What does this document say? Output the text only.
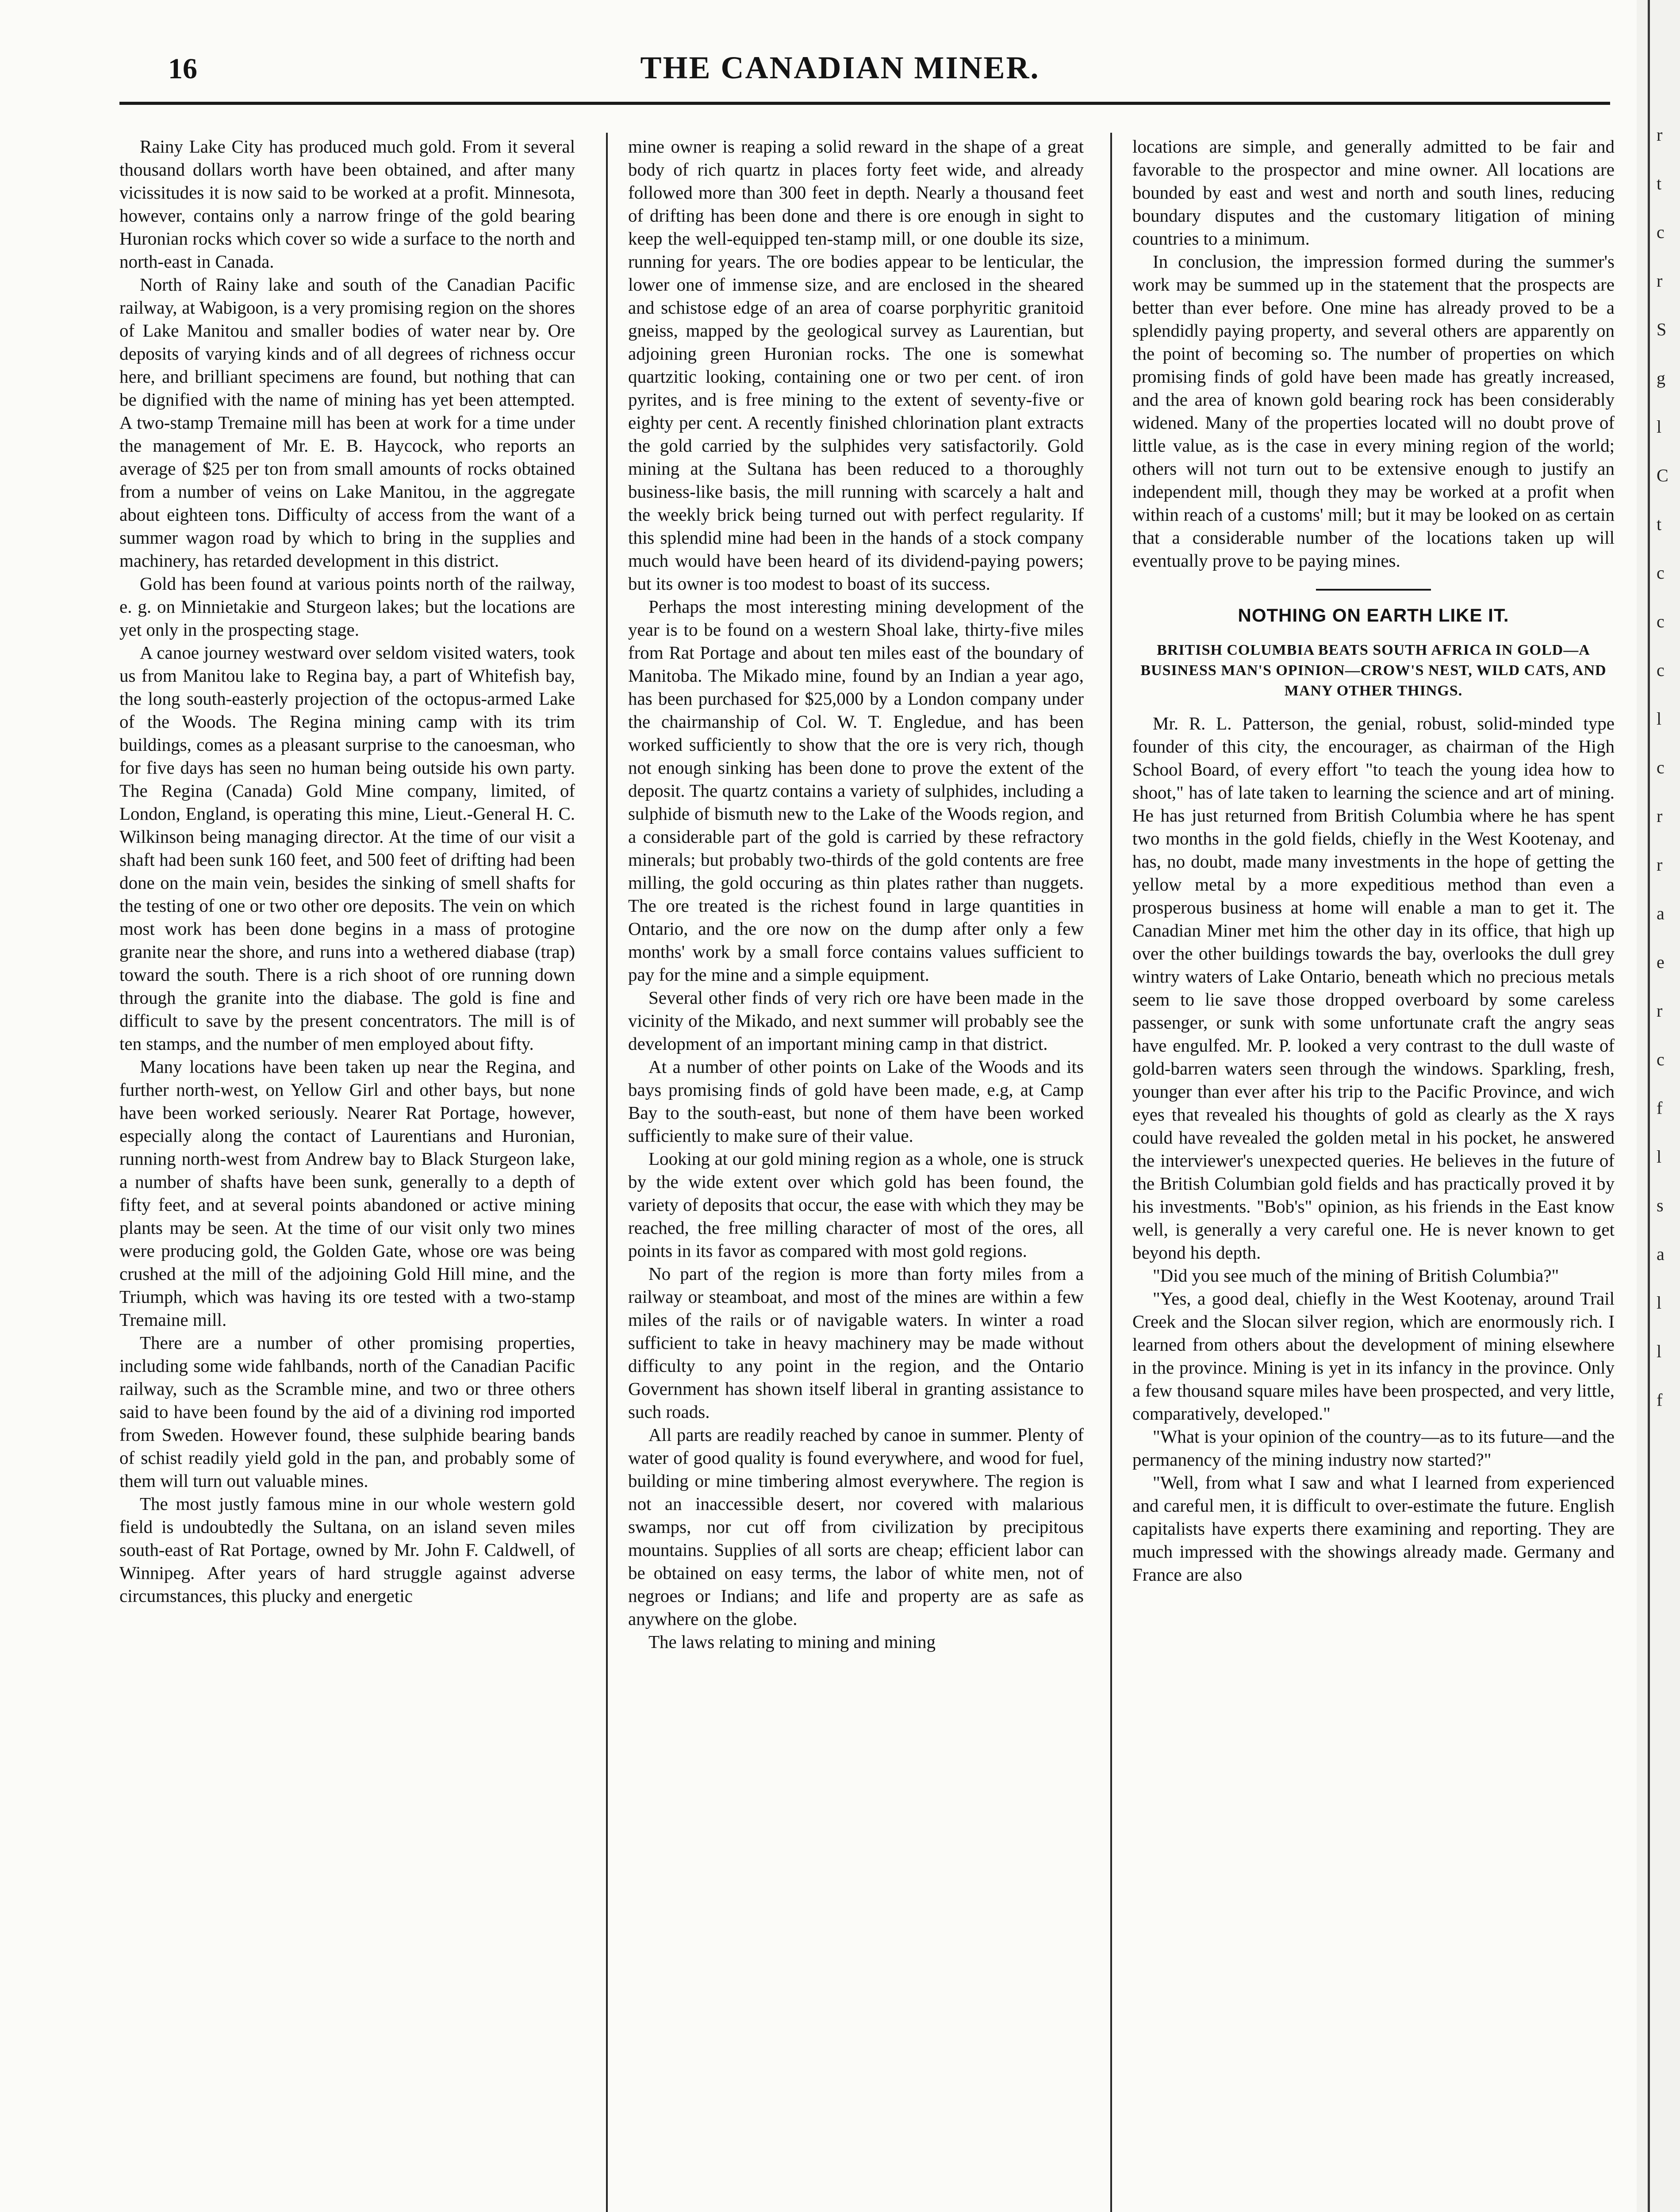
16	THE CANADIAN MINER.

Rainy Lake City has produced much gold. From it several thousand dollars worth have been obtained, and after many vicissitudes it is now said to be worked at a profit. Minnesota, however, contains only a narrow fringe of the gold bearing Huronian rocks which cover so wide a surface to the north and north-east in Canada.

North of Rainy lake and south of the Canadian Pacific railway, at Wabigoon, is a very promising region on the shores of Lake Manitou and smaller bodies of water near by. Ore deposits of varying kinds and of all degrees of richness occur here, and brilliant specimens are found, but nothing that can be dignified with the name of mining has yet been attempted. A two-stamp Tremaine mill has been at work for a time under the management of Mr. E. B. Haycock, who reports an average of $25 per ton from small amounts of rocks obtained from a number of veins on Lake Manitou, in the aggregate about eighteen tons. Difficulty of access from the want of a summer wagon road by which to bring in the supplies and machinery, has retarded development in this district.

Gold has been found at various points north of the railway, e. g. on Minnietakie and Sturgeon lakes; but the locations are yet only in the prospecting stage.

A canoe journey westward over seldom visited waters, took us from Manitou lake to Regina bay, a part of Whitefish bay, the long south-easterly projection of the octopus-armed Lake of the Woods. The Regina mining camp with its trim buildings, comes as a pleasant surprise to the canoesman, who for five days has seen no human being outside his own party. The Regina (Canada) Gold Mine company, limited, of London, England, is operating this mine, Lieut.-General H. C. Wilkinson being managing director. At the time of our visit a shaft had been sunk 160 feet, and 500 feet of drifting had been done on the main vein, besides the sinking of smell shafts for the testing of one or two other ore deposits. The vein on which most work has been done begins in a mass of protogine granite near the shore, and runs into a wethered diabase (trap) toward the south. There is a rich shoot of ore running down through the granite into the diabase. The gold is fine and difficult to save by the present concentrators. The mill is of ten stamps, and the number of men employed about fifty.

Many locations have been taken up near the Regina, and further north-west, on Yellow Girl and other bays, but none have been worked seriously. Nearer Rat Portage, however, especially along the contact of Laurentians and Huronian, running north-west from Andrew bay to Black Sturgeon lake, a number of shafts have been sunk, generally to a depth of fifty feet, and at several points abandoned or active mining plants may be seen. At the time of our visit only two mines were producing gold, the Golden Gate, whose ore was being crushed at the mill of the adjoining Gold Hill mine, and the Triumph, which was having its ore tested with a two-stamp Tremaine mill.

There are a number of other promising properties, including some wide fahlbands, north of the Canadian Pacific railway, such as the Scramble mine, and two or three others said to have been found by the aid of a divining rod imported from Sweden. However found, these sulphide bearing bands of schist readily yield gold in the pan, and probably some of them will turn out valuable mines.

The most justly famous mine in our whole western gold field is undoubtedly the Sultana, on an island seven miles south-east of Rat Portage, owned by Mr. John F. Caldwell, of Winnipeg. After years of hard struggle against adverse circumstances, this plucky and energetic

mine owner is reaping a solid reward in the shape of a great body of rich quartz in places forty feet wide, and already followed more than 300 feet in depth. Nearly a thousand feet of drifting has been done and there is ore enough in sight to keep the well-equipped ten-stamp mill, or one double its size, running for years. The ore bodies appear to be lenticular, the lower one of immense size, and are enclosed in the sheared and schistose edge of an area of coarse porphyritic granitoid gneiss, mapped by the geological survey as Laurentian, but adjoining green Huronian rocks. The one is somewhat quartzitic looking, containing one or two per cent. of iron pyrites, and is free mining to the extent of seventy-five or eighty per cent. A recently finished chlorination plant extracts the gold carried by the sulphides very satisfactorily. Gold mining at the Sultana has been reduced to a thoroughly business-like basis, the mill running with scarcely a halt and the weekly brick being turned out with perfect regularity. If this splendid mine had been in the hands of a stock company much would have been heard of its dividend-paying powers; but its owner is too modest to boast of its success.

Perhaps the most interesting mining development of the year is to be found on a western Shoal lake, thirty-five miles from Rat Portage and about ten miles east of the boundary of Manitoba. The Mikado mine, found by an Indian a year ago, has been purchased for $25,000 by a London company under the chairmanship of Col. W. T. Engledue, and has been worked sufficiently to show that the ore is very rich, though not enough sinking has been done to prove the extent of the deposit. The quartz contains a variety of sulphides, including a sulphide of bismuth new to the Lake of the Woods region, and a considerable part of the gold is carried by these refractory minerals; but probably two-thirds of the gold contents are free milling, the gold occuring as thin plates rather than nuggets. The ore treated is the richest found in large quantities in Ontario, and the ore now on the dump after only a few months' work by a small force contains values sufficient to pay for the mine and a simple equipment.

Several other finds of very rich ore have been made in the vicinity of the Mikado, and next summer will probably see the development of an important mining camp in that district.

At a number of other points on Lake of the Woods and its bays promising finds of gold have been made, e.g, at Camp Bay to the south-east, but none of them have been worked sufficiently to make sure of their value.

Looking at our gold mining region as a whole, one is struck by the wide extent over which gold has been found, the variety of deposits that occur, the ease with which they may be reached, the free milling character of most of the ores, all points in its favor as compared with most gold regions.

No part of the region is more than forty miles from a railway or steamboat, and most of the mines are within a few miles of the rails or of navigable waters. In winter a road sufficient to take in heavy machinery may be made without difficulty to any point in the region, and the Ontario Government has shown itself liberal in granting assistance to such roads.

All parts are readily reached by canoe in summer. Plenty of water of good quality is found everywhere, and wood for fuel, building or mine timbering almost everywhere. The region is not an inaccessible desert, nor covered with malarious swamps, nor cut off from civilization by precipitous mountains. Supplies of all sorts are cheap; efficient labor can be obtained on easy terms, the labor of white men, not of negroes or Indians; and life and property are as safe as anywhere on the globe.

The laws relating to mining and mining

locations are simple, and generally admitted to be fair and favorable to the prospector and mine owner. All locations are bounded by east and west and north and south lines, reducing boundary disputes and the customary litigation of mining countries to a minimum.

In conclusion, the impression formed during the summer's work may be summed up in the statement that the prospects are better than ever before. One mine has already proved to be a splendidly paying property, and several others are apparently on the point of becoming so. The number of properties on which promising finds of gold have been made has greatly increased, and the area of known gold bearing rock has been considerably widened. Many of the properties located will no doubt prove of little value, as is the case in every mining region of the world; others will not turn out to be extensive enough to justify an independent mill, though they may be worked at a profit when within reach of a customs' mill; but it may be looked on as certain that a considerable number of the locations taken up will eventually prove to be paying mines.

NOTHING ON EARTH LIKE IT.
BRITISH COLUMBIA BEATS SOUTH AFRICA IN GOLD—A BUSINESS MAN'S OPINION—CROW'S NEST, WILD CATS, AND MANY OTHER THINGS.

Mr. R. L. Patterson, the genial, robust, solid-minded type founder of this city, the encourager, as chairman of the High School Board, of every effort "to teach the young idea how to shoot," has of late taken to learning the science and art of mining. He has just returned from British Columbia where he has spent two months in the gold fields, chiefly in the West Kootenay, and has, no doubt, made many investments in the hope of getting the yellow metal by a more expeditious method than even a prosperous business at home will enable a man to get it. The Canadian Miner met him the other day in its office, that high up over the other buildings towards the bay, overlooks the dull grey wintry waters of Lake Ontario, beneath which no precious metals seem to lie save those dropped overboard by some careless passenger, or sunk with some unfortunate craft the angry seas have engulfed. Mr. P. looked a very contrast to the dull waste of gold-barren waters seen through the windows. Sparkling, fresh, younger than ever after his trip to the Pacific Province, and wich eyes that revealed his thoughts of gold as clearly as the X rays could have revealed the golden metal in his pocket, he answered the interviewer's unexpected queries. He believes in the future of the British Columbian gold fields and has practically proved it by his investments. "Bob's" opinion, as his friends in the East know well, is generally a very careful one. He is never known to get beyond his depth.

"Did you see much of the mining of British Columbia?"

"Yes, a good deal, chiefly in the West Kootenay, around Trail Creek and the Slocan silver region, which are enormously rich. I learned from others about the development of mining elsewhere in the province. Mining is yet in its infancy in the province. Only a few thousand square miles have been prospected, and very little, comparatively, developed."

"What is your opinion of the country—as to its future—and the permanency of the mining industry now started?"

"Well, from what I saw and what I learned from experienced and careful men, it is difficult to over-estimate the future. English capitalists have experts there examining and reporting. They are much impressed with the showings already made. Germany and France are also

r
t
c
r
S
g
l
C
t
c
c
c
l
c
r
r
a
e
r
c
f
l
s
a
l
l
f
